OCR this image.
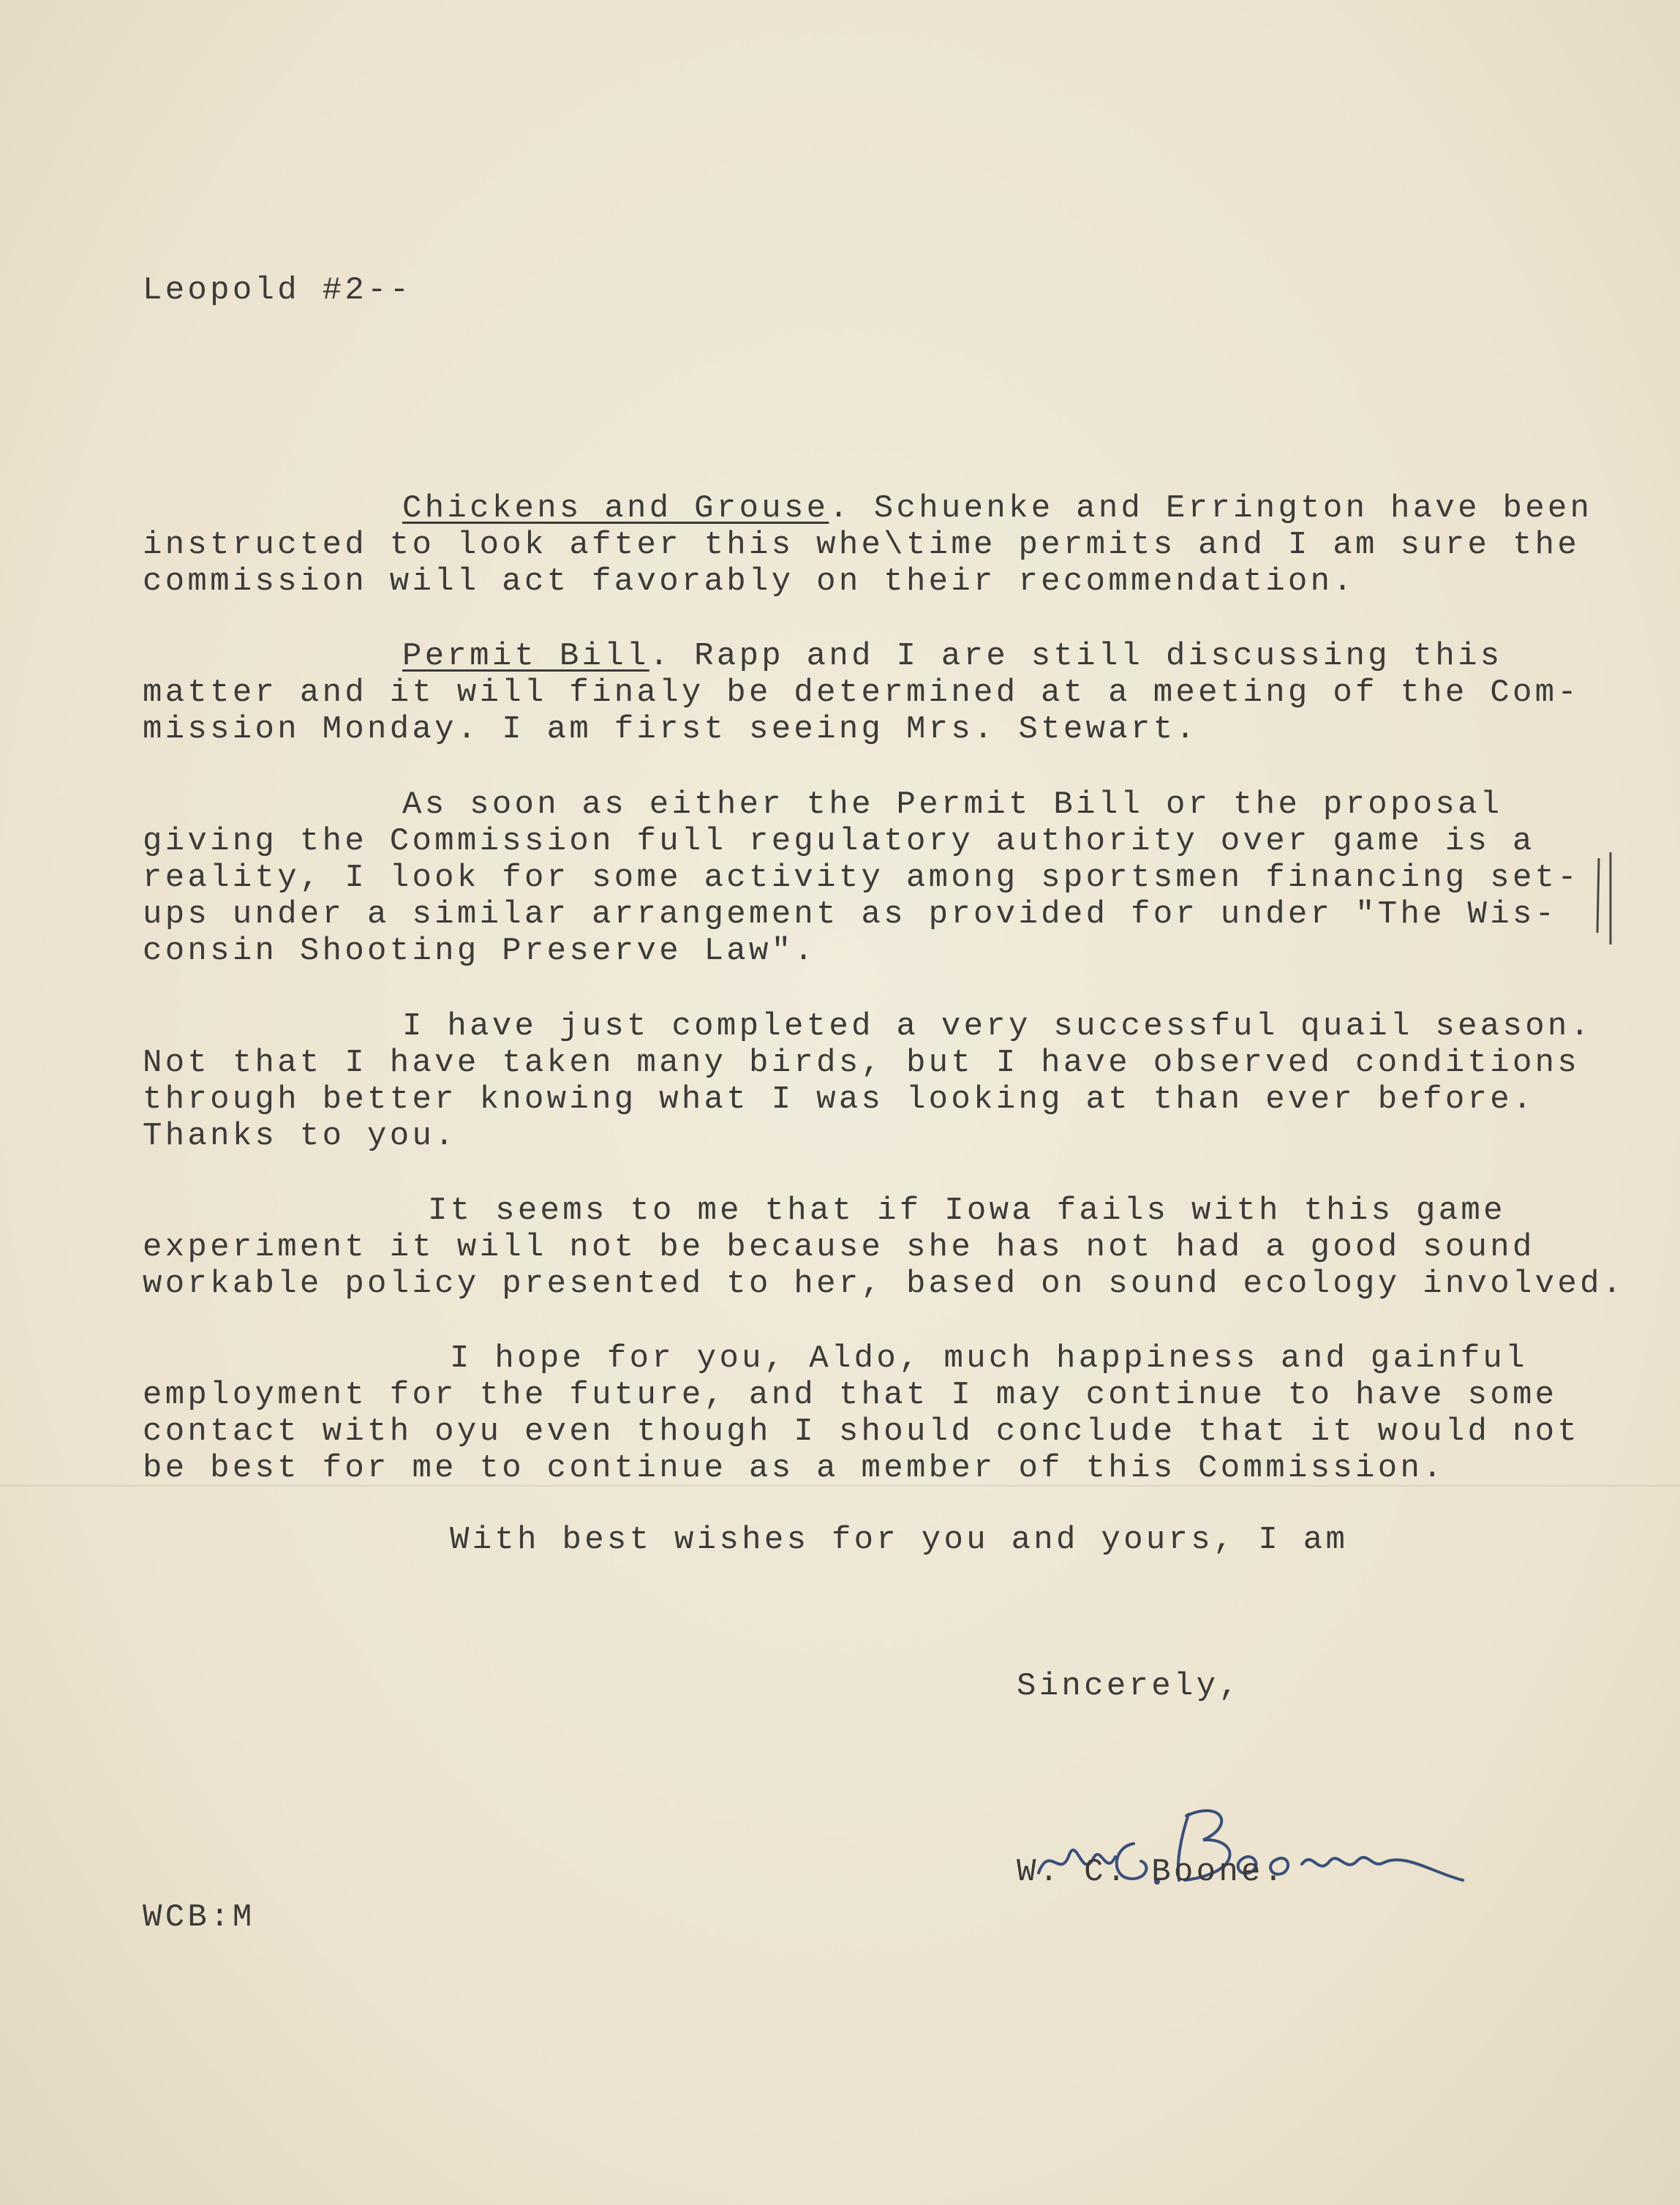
Leopold #2--
Chickens and Grouse. Schuenke and Errington have been
instructed to look after this whe\time permits and I am sure the
commission will act favorably on their recommendation.
Permit Bill. Rapp and I are still discussing this
matter and it will finaly be determined at a meeting of the Com-
mission Monday. I am first seeing Mrs. Stewart.
As soon as either the Permit Bill or the proposal
giving the Commission full regulatory authority over game is a
reality, I look for some activity among sportsmen financing set-
ups under a similar arrangement as provided for under "The Wis-
consin Shooting Preserve Law".
I have just completed a very successful quail season.
Not that I have taken many birds, but I have observed conditions
through better knowing what I was looking at than ever before.
Thanks to you.
It seems to me that if Iowa fails with this game
experiment it will not be because she has not had a good sound
workable policy presented to her, based on sound ecology involved.
I hope for you, Aldo, much happiness and gainful
employment for the future, and that I may continue to have some
contact with oyu even though I should conclude that it would not
be best for me to continue as a member of this Commission.
With best wishes for you and yours, I am
Sincerely,
W. C. Boone.
WCB:M
